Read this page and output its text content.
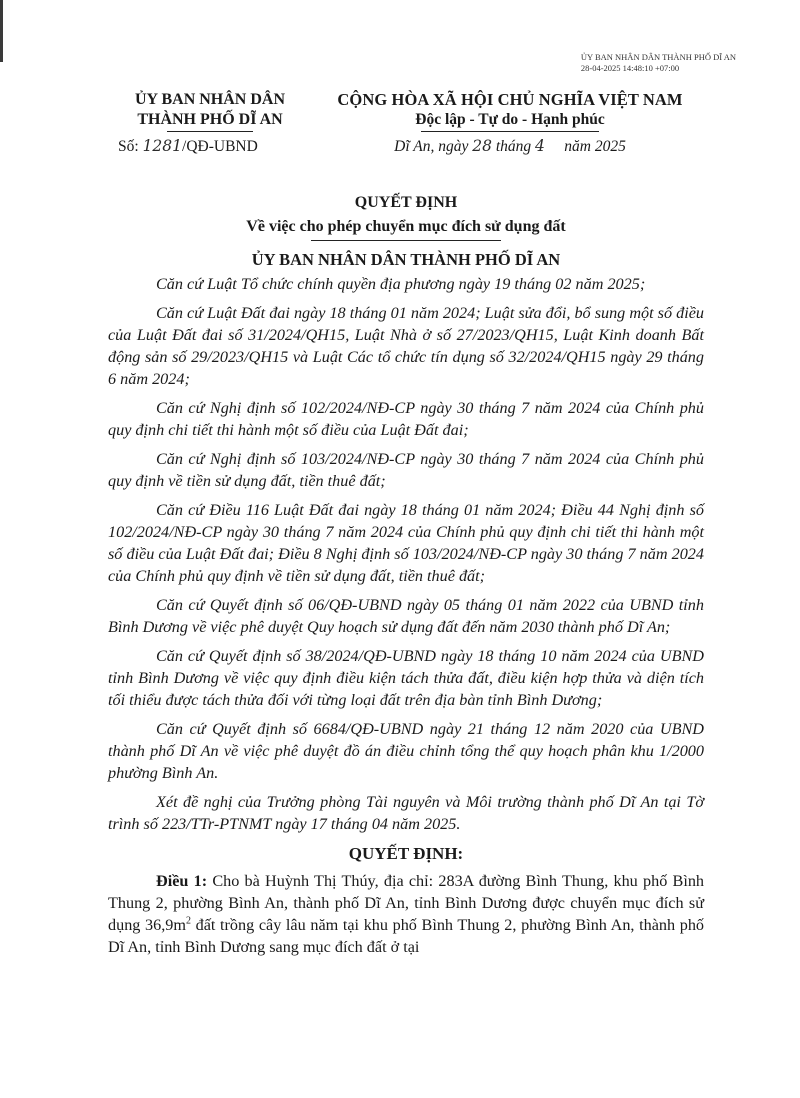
ỦY BAN NHÂN DÂN THÀNH PHỐ DĨ AN
28-04-2025 14:48:10 +07:00
ỦY BAN NHÂN DÂN
THÀNH PHỐ DĨ AN
Số: 1281/QĐ-UBND
CỘNG HÒA XÃ HỘI CHỦ NGHĨA VIỆT NAM
Độc lập - Tự do - Hạnh phúc
Dĩ An, ngày 28 tháng 4 năm 2025
QUYẾT ĐỊNH
Về việc cho phép chuyển mục đích sử dụng đất
ỦY BAN NHÂN DÂN THÀNH PHỐ DĨ AN

Căn cứ Luật Tổ chức chính quyền địa phương ngày 19 tháng 02 năm 2025;

Căn cứ Luật Đất đai ngày 18 tháng 01 năm 2024; Luật sửa đổi, bổ sung một số điều của Luật Đất đai số 31/2024/QH15, Luật Nhà ở số 27/2023/QH15, Luật Kinh doanh Bất động sản số 29/2023/QH15 và Luật Các tổ chức tín dụng số 32/2024/QH15 ngày 29 tháng 6 năm 2024;

Căn cứ Nghị định số 102/2024/NĐ-CP ngày 30 tháng 7 năm 2024 của Chính phủ quy định chi tiết thi hành một số điều của Luật Đất đai;

Căn cứ Nghị định số 103/2024/NĐ-CP ngày 30 tháng 7 năm 2024 của Chính phủ quy định về tiền sử dụng đất, tiền thuê đất;

Căn cứ Điều 116 Luật Đất đai ngày 18 tháng 01 năm 2024; Điều 44 Nghị định số 102/2024/NĐ-CP ngày 30 tháng 7 năm 2024 của Chính phủ quy định chi tiết thi hành một số điều của Luật Đất đai; Điều 8 Nghị định số 103/2024/NĐ-CP ngày 30 tháng 7 năm 2024 của Chính phủ quy định về tiền sử dụng đất, tiền thuê đất;

Căn cứ Quyết định số 06/QĐ-UBND ngày 05 tháng 01 năm 2022 của UBND tỉnh Bình Dương về việc phê duyệt Quy hoạch sử dụng đất đến năm 2030 thành phố Dĩ An;

Căn cứ Quyết định số 38/2024/QĐ-UBND ngày 18 tháng 10 năm 2024 của UBND tỉnh Bình Dương về việc quy định điều kiện tách thửa đất, điều kiện hợp thửa và diện tích tối thiểu được tách thửa đối với từng loại đất trên địa bàn tỉnh Bình Dương;

Căn cứ Quyết định số 6684/QĐ-UBND ngày 21 tháng 12 năm 2020 của UBND thành phố Dĩ An về việc phê duyệt đồ án điều chỉnh tổng thể quy hoạch phân khu 1/2000 phường Bình An.

Xét đề nghị của Trưởng phòng Tài nguyên và Môi trường thành phố Dĩ An tại Tờ trình số 223/TTr-PTNMT ngày 17 tháng 04 năm 2025.

QUYẾT ĐỊNH:

Điều 1: Cho bà Huỳnh Thị Thúy, địa chỉ: 283A đường Bình Thung, khu phố Bình Thung 2, phường Bình An, thành phố Dĩ An, tỉnh Bình Dương được chuyển mục đích sử dụng $36,9m^2$ đất trồng cây lâu năm tại khu phố Bình Thung 2, phường Bình An, thành phố Dĩ An, tỉnh Bình Dương sang mục đích đất ở tại
